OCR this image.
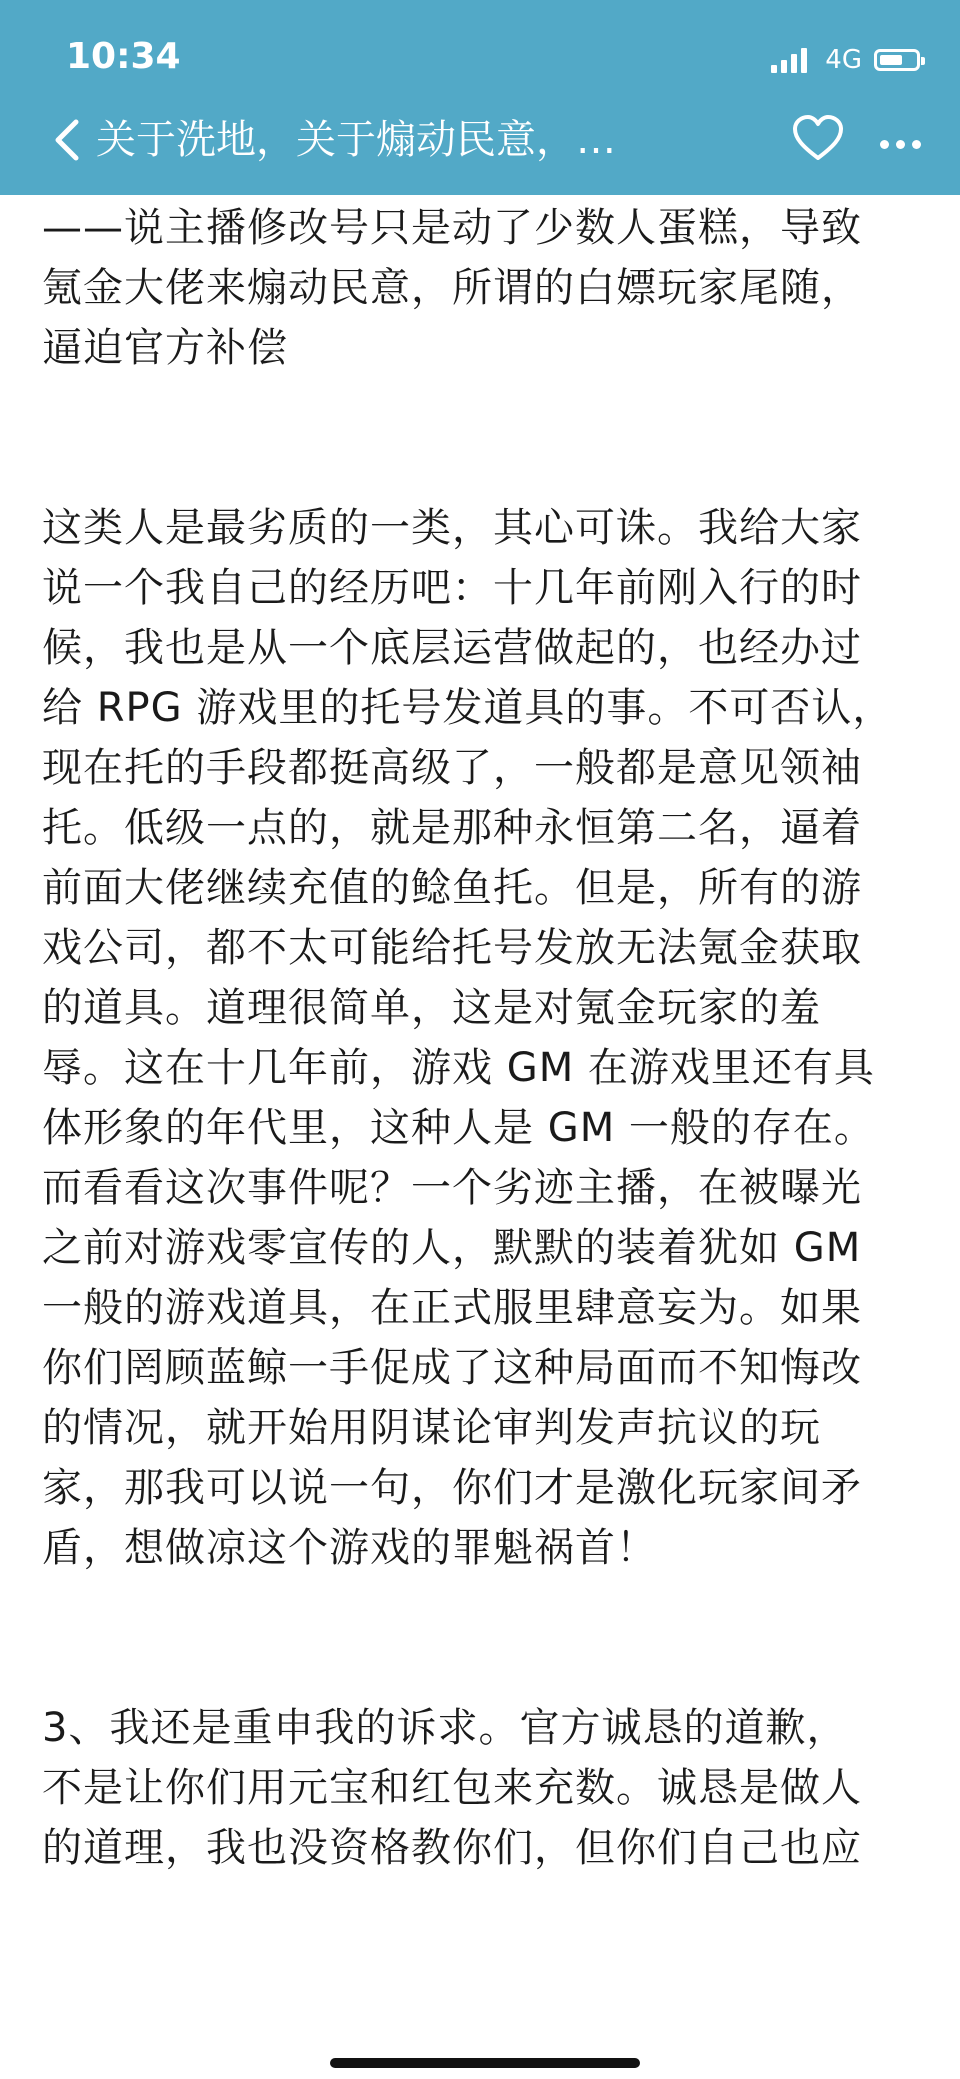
10:34	4G
关于洗地，关于煽动民意，…

——说主播修改号只是动了少数人蛋糕，导致

氪金大佬来煽动民意，所谓的白嫖玩家尾随，

逼迫官方补偿

这类人是最劣质的一类，其心可诛。我给大家

说一个我自己的经历吧：十几年前刚入行的时

候，我也是从一个底层运营做起的，也经办过

给 RPG 游戏里的托号发道具的事。不可否认，

现在托的手段都挺高级了，一般都是意见领袖

托。低级一点的，就是那种永恒第二名，逼着

前面大佬继续充值的鲶鱼托。但是，所有的游

戏公司，都不太可能给托号发放无法氪金获取

的道具。道理很简单，这是对氪金玩家的羞

辱。这在十几年前，游戏 GM 在游戏里还有具

体形象的年代里，这种人是 GM 一般的存在。

而看看这次事件呢？一个劣迹主播，在被曝光

之前对游戏零宣传的人，默默的装着犹如 GM

一般的游戏道具，在正式服里肆意妄为。如果

你们罔顾蓝鲸一手促成了这种局面而不知悔改

的情况，就开始用阴谋论审判发声抗议的玩

家，那我可以说一句，你们才是激化玩家间矛

盾，想做凉这个游戏的罪魁祸首！

3、我还是重申我的诉求。官方诚恳的道歉，

不是让你们用元宝和红包来充数。诚恳是做人

的道理，我也没资格教你们，但你们自己也应
